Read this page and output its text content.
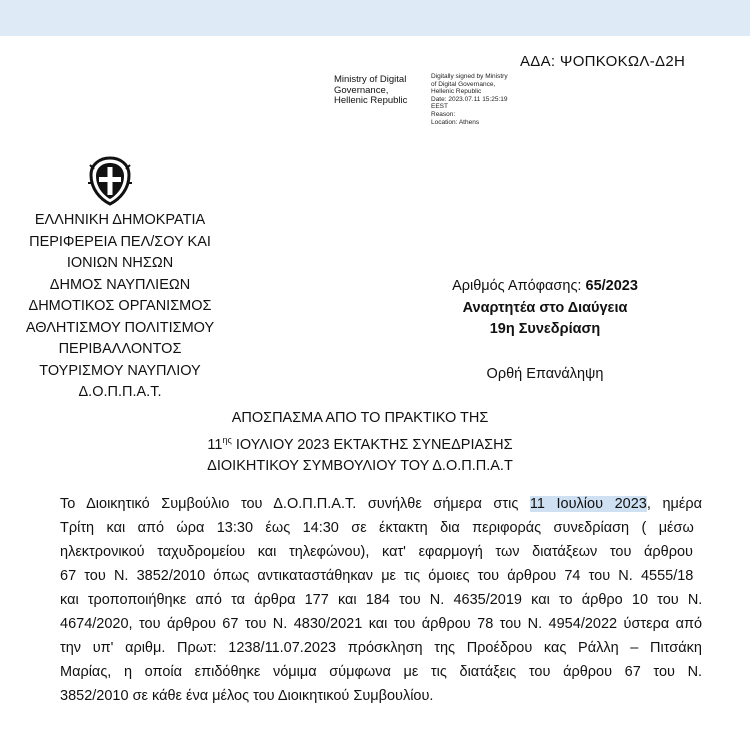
ΑΔΑ: ΨΟΠΚΟΚΩΛ-Δ2Η
Ministry of Digital
Governance,
Hellenic Republic
Digitally signed by Ministry
of Digital Governance,
Hellenic Republic
Date: 2023.07.11 15:25:19
EEST
Reason:
Location: Athens
ΕΛΛΗΝΙΚΗ ΔΗΜΟΚΡΑΤΙΑ
ΠΕΡΙΦΕΡΕΙΑ ΠΕΛ/ΣΟΥ ΚΑΙ
ΙΟΝΙΩΝ ΝΗΣΩΝ
ΔΗΜΟΣ ΝΑΥΠΛΙΕΩΝ
ΔΗΜΟΤΙΚΟΣ ΟΡΓΑΝΙΣΜΟΣ
ΑΘΛΗΤΙΣΜΟΥ ΠΟΛΙΤΙΣΜΟΥ
ΠΕΡΙΒΑΛΛΟΝΤΟΣ
ΤΟΥΡΙΣΜΟΥ ΝΑΥΠΛΙΟΥ
Δ.Ο.Π.Π.Α.Τ.
Αριθμός Απόφασης: 65/2023
Αναρτητέα στο Διαύγεια
19η Συνεδρίαση
Ορθή Επανάληψη
ΑΠΟΣΠΑΣΜΑ ΑΠΟ ΤΟ ΠΡΑΚΤΙΚΟ ΤΗΣ
$11^{\eta\varsigma}$ ΙΟΥΛΙΟΥ 2023 ΕΚΤΑΚΤΗΣ ΣΥΝΕΔΡΙΑΣΗΣ
ΔΙΟΙΚΗΤΙΚΟΥ ΣΥΜΒΟΥΛΙΟΥ ΤΟΥ Δ.Ο.Π.Π.Α.Τ
Το Διοικητικό Συμβούλιο του Δ.Ο.Π.Π.Α.Τ. συνήλθε σήμερα στις 11 Ιουλίου 2023, ημέρα
Τρίτη και από ώρα 13:30 έως 14:30 σε έκτακτη δια περιφοράς συνεδρίαση ( μέσω
ηλεκτρονικού ταχυδρομείου και τηλεφώνου), κατ' εφαρμογή των διατάξεων του άρθρου
67 του Ν. 3852/2010 όπως αντικαταστάθηκαν με τις όμοιες του άρθρου 74 του Ν. 4555/18
και τροποποιήθηκε από τα άρθρα 177 και 184 του Ν. 4635/2019 και το άρθρο 10 του Ν.
4674/2020, του άρθρου 67 του Ν. 4830/2021 και του άρθρου 78 του Ν. 4954/2022 ύστερα από
την υπ' αριθμ. Πρωτ: 1238/11.07.2023 πρόσκληση της Προέδρου κας Ράλλη – Πιτσάκη
Μαρίας, η οποία επιδόθηκε νόμιμα σύμφωνα με τις διατάξεις του άρθρου 67 του Ν.
3852/2010 σε κάθε ένα μέλος του Διοικητικού Συμβουλίου.
